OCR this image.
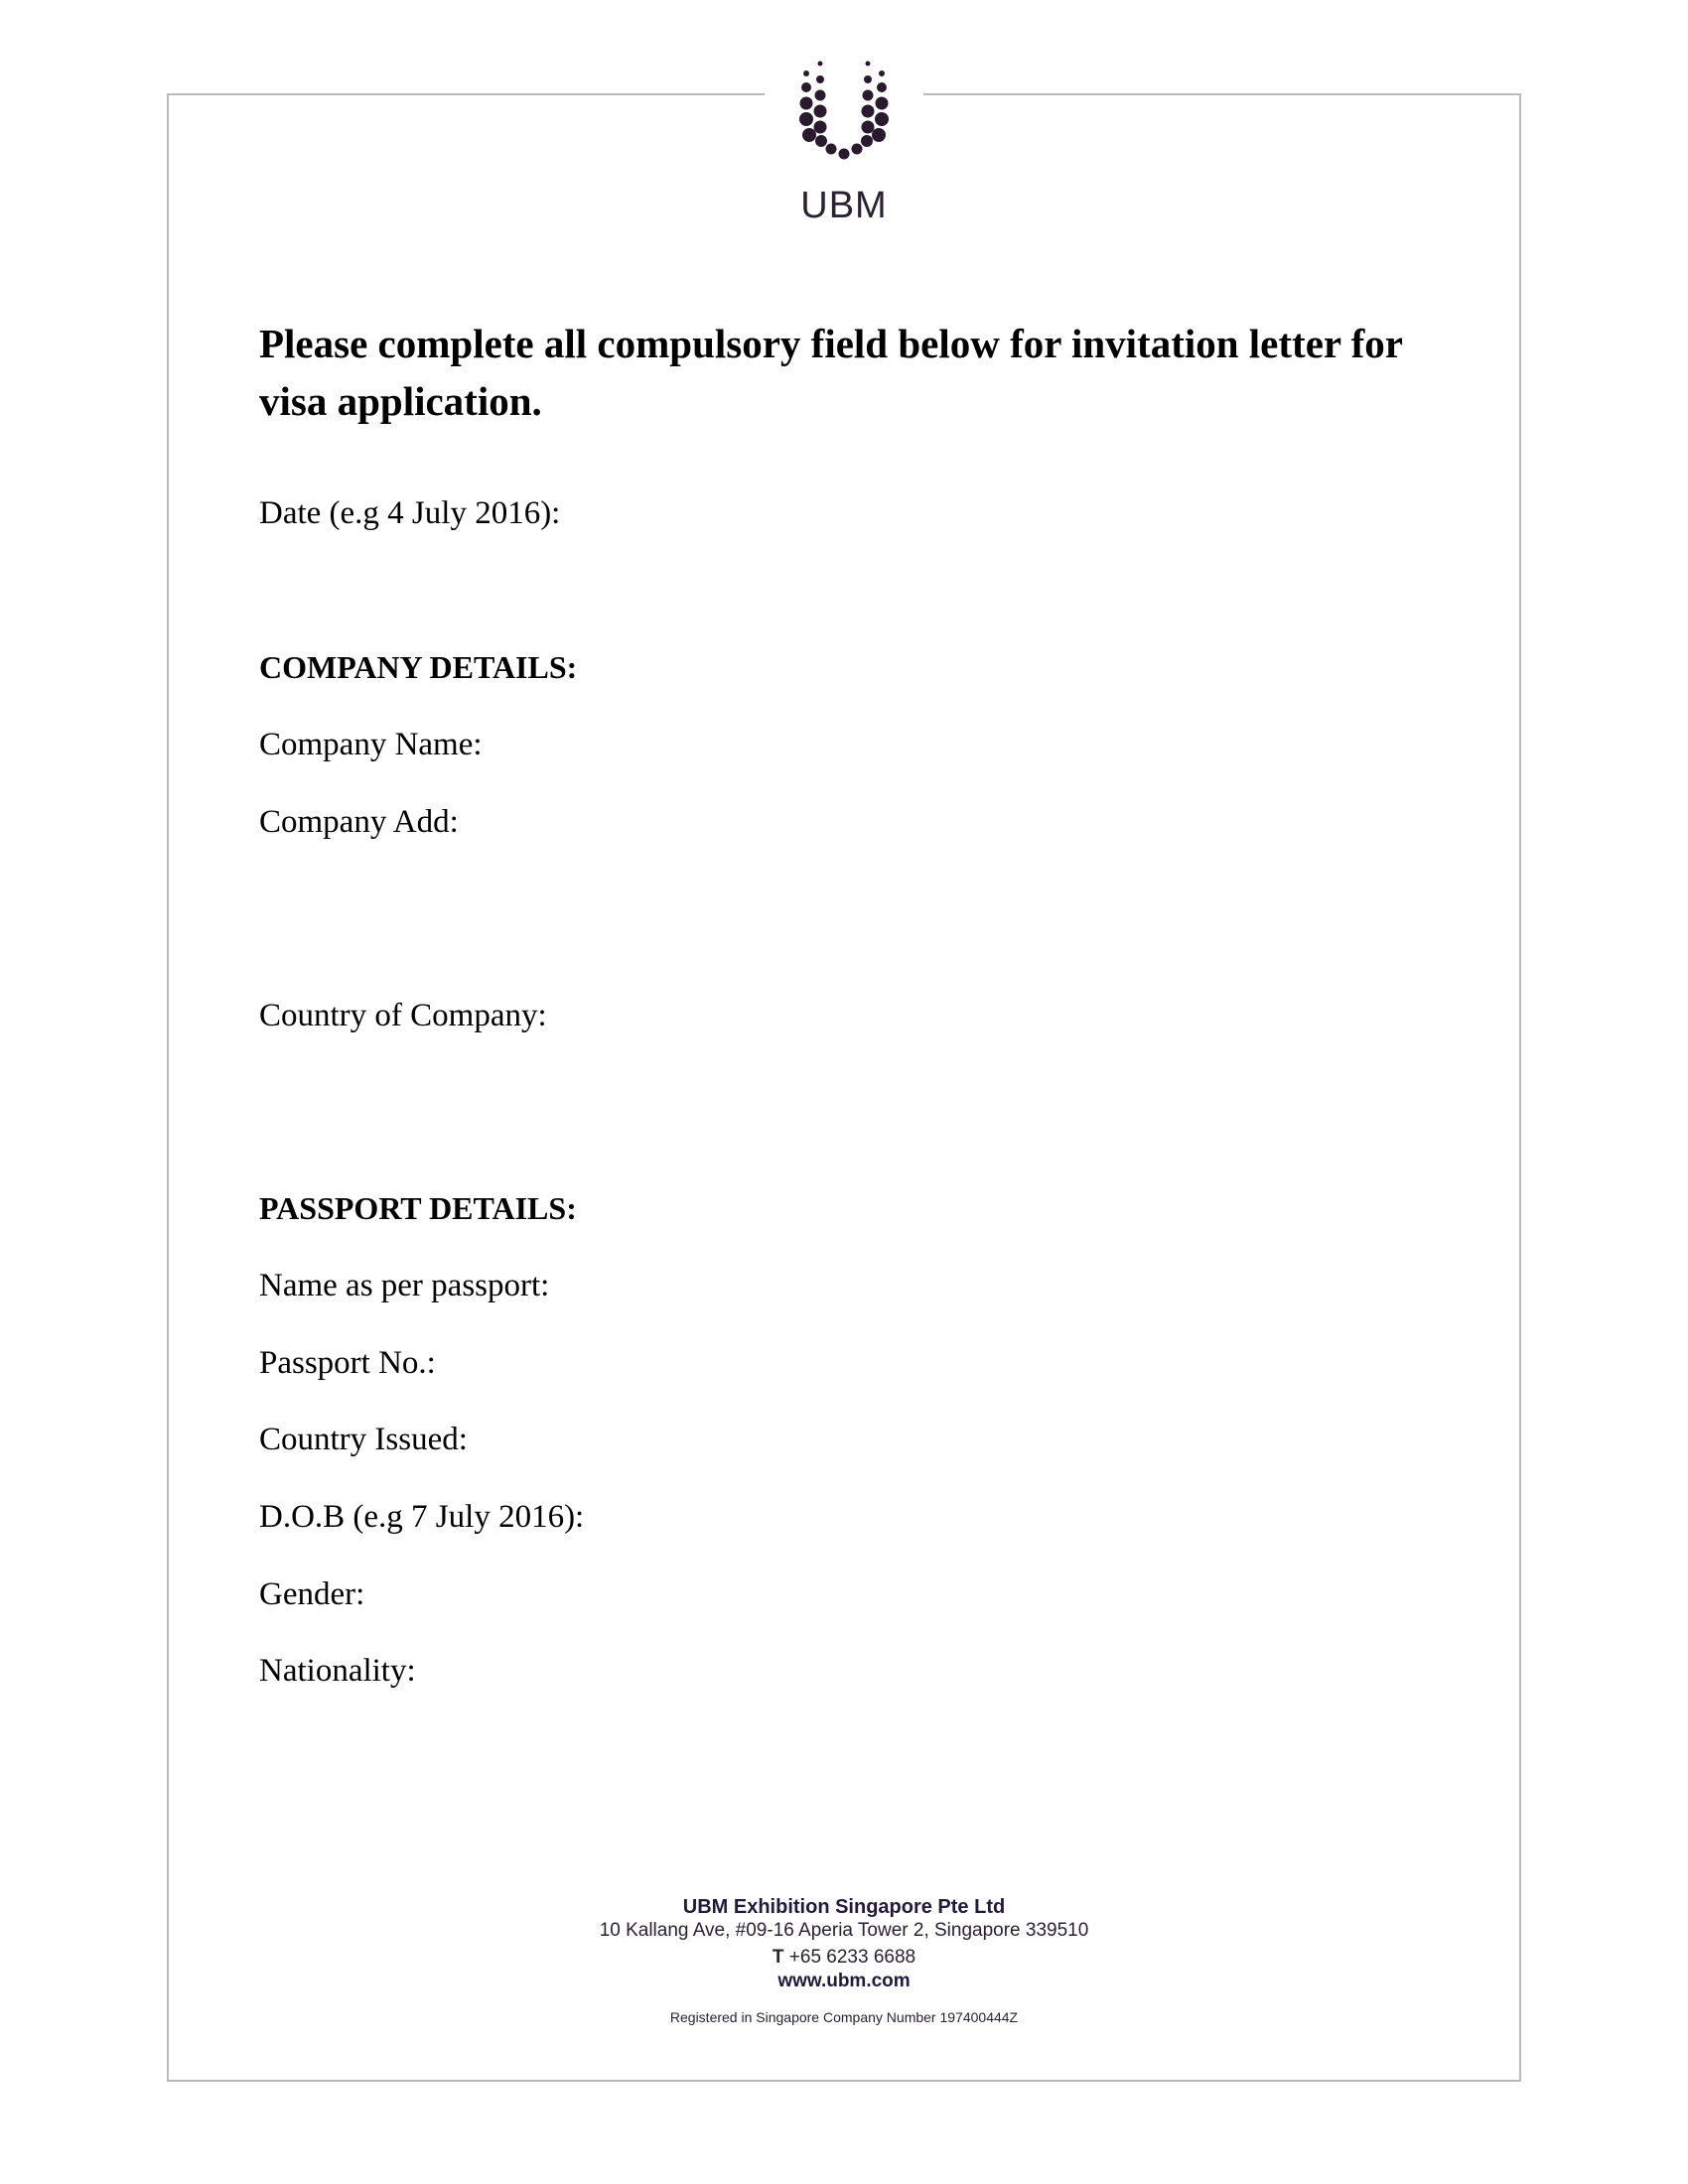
UBM
Please complete all compulsory field below for invitation letter for visa application.
Date (e.g 4 July 2016):
COMPANY DETAILS:
Company Name:
Company Add:
Country of Company:
PASSPORT DETAILS:
Name as per passport:
Passport No.:
Country Issued:
D.O.B (e.g 7 July 2016):
Gender:
Nationality:
UBM Exhibition Singapore Pte Ltd
10 Kallang Ave, #09-16 Aperia Tower 2, Singapore 339510
T +65 6233 6688
www.ubm.com
Registered in Singapore Company Number 197400444Z
